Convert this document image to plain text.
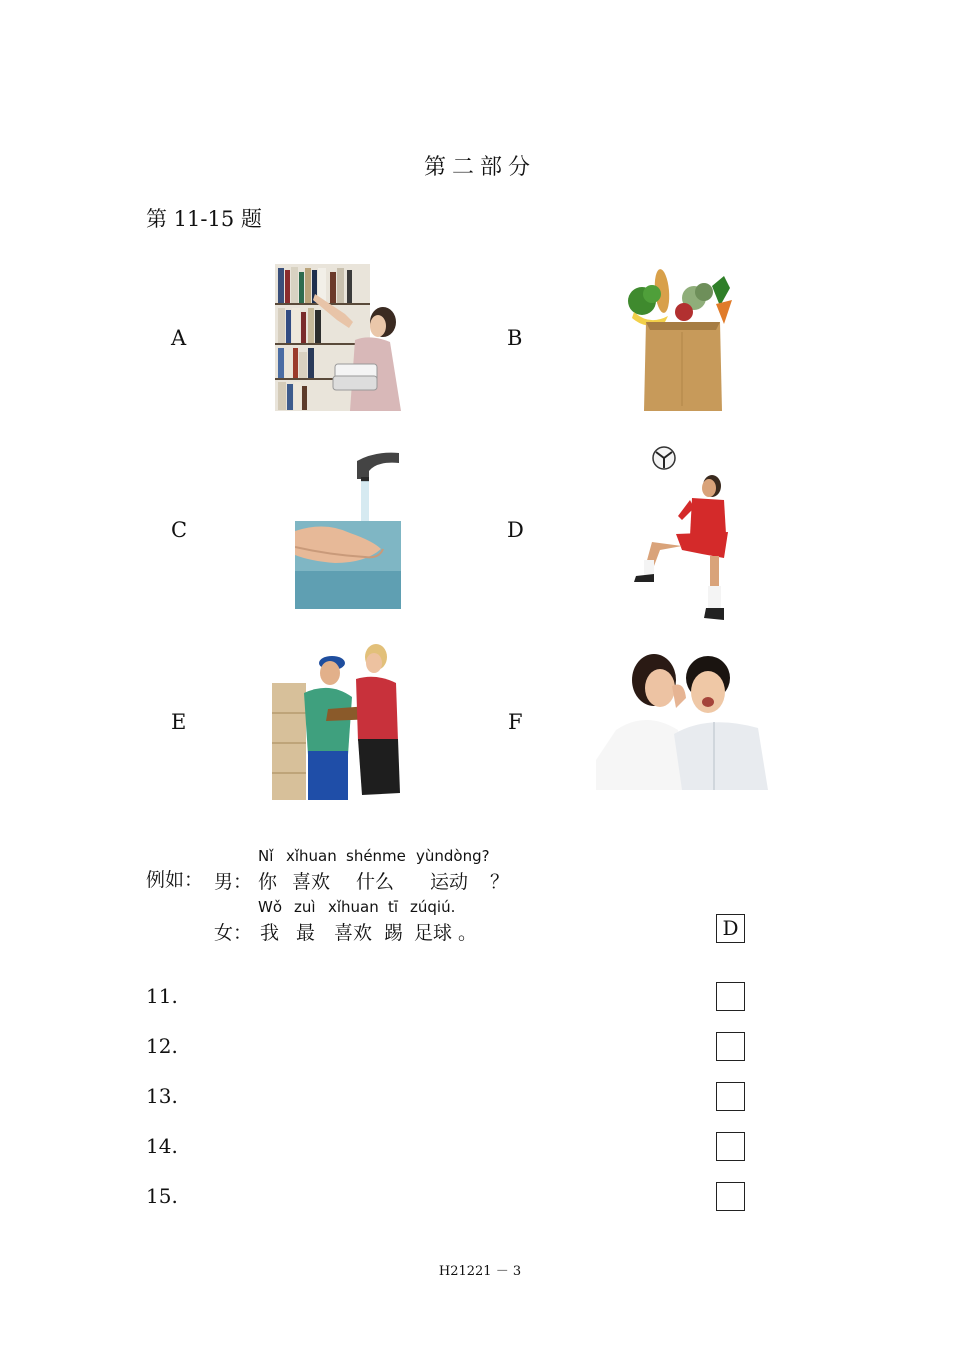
第二部分
第 11-15 题
A	B
C	D
E	F
例如： 男：
女：
Nǐ xǐhuan shénme yùndòng?
你 喜欢 什么 运动 ？
Wǒ zuì xǐhuan tī zúqiú.
我 最 喜欢 踢 足球 。	D
11.
12.
13.
14.
15.
H21221 － 3
